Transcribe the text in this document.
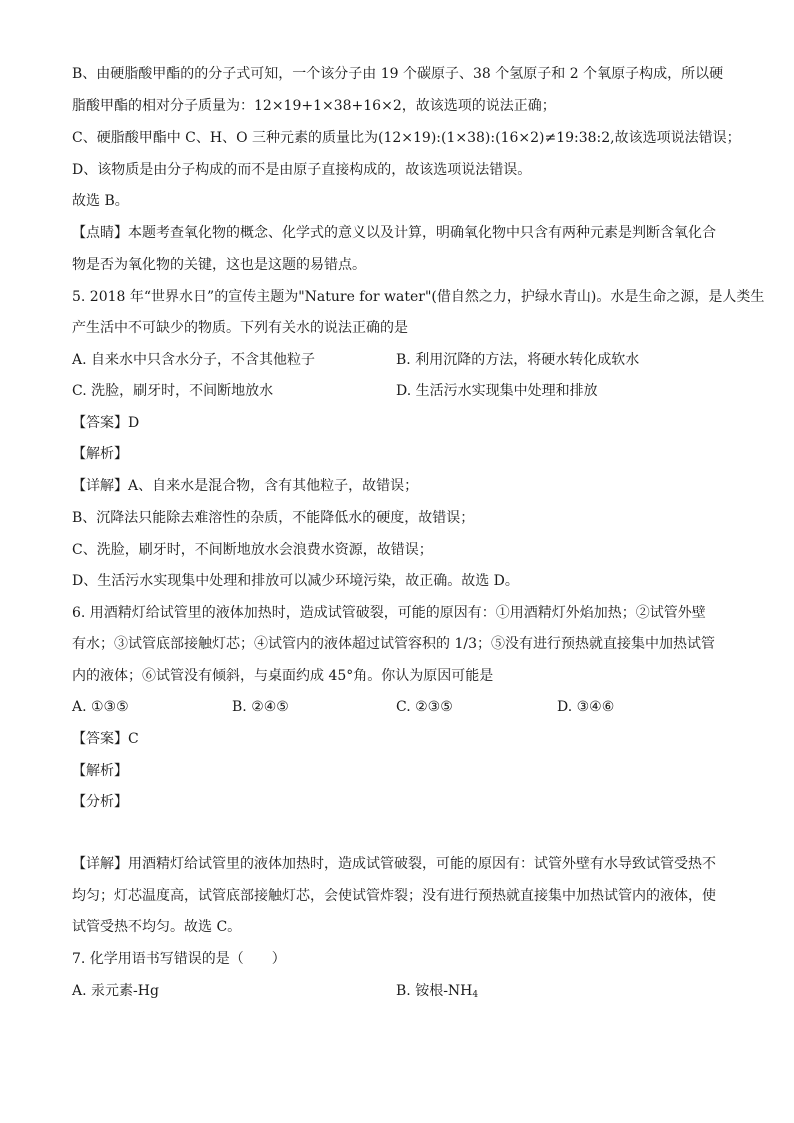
B、由硬脂酸甲酯的的分子式可知，一个该分子由 19 个碳原子、38 个氢原子和 2 个氧原子构成，所以硬
脂酸甲酯的相对分子质量为：12×19+1×38+16×2，故该选项的说法正确；
C、硬脂酸甲酯中 C、H、O 三种元素的质量比为(12×19):(1×38):(16×2)≠19:38:2,故该选项说法错误；
D、该物质是由分子构成的而不是由原子直接构成的，故该选项说法错误。
故选 B。
【点睛】本题考查氧化物的概念、化学式的意义以及计算，明确氧化物中只含有两种元素是判断含氧化合
物是否为氧化物的关键，这也是这题的易错点。
5. 2018 年“世界水日”的宣传主题为"Nature for water"(借自然之力，护绿水青山)。水是生命之源，是人类生
产生活中不可缺少的物质。下列有关水的说法正确的是
A. 自来水中只含水分子，不含其他粒子	B. 利用沉降的方法，将硬水转化成软水
C. 洗脸，刷牙时，不间断地放水	D. 生活污水实现集中处理和排放
【答案】D
【解析】
【详解】A、自来水是混合物，含有其他粒子，故错误；
B、沉降法只能除去难溶性的杂质，不能降低水的硬度，故错误；
C、洗脸，刷牙时，不间断地放水会浪费水资源，故错误；
D、生活污水实现集中处理和排放可以减少环境污染，故正确。故选 D。
6. 用酒精灯给试管里的液体加热时，造成试管破裂，可能的原因有：①用酒精灯外焰加热；②试管外壁
有水；③试管底部接触灯芯；④试管内的液体超过试管容积的 1/3；⑤没有进行预热就直接集中加热试管
内的液体；⑥试管没有倾斜，与桌面约成 45°角。你认为原因可能是
A. ①③⑤	B. ②④⑤	C. ②③⑤	D. ③④⑥
【答案】C
【解析】
【分析】
【详解】用酒精灯给试管里的液体加热时，造成试管破裂，可能的原因有：试管外壁有水导致试管受热不
均匀；灯芯温度高，试管底部接触灯芯，会使试管炸裂；没有进行预热就直接集中加热试管内的液体，使
试管受热不均匀。故选 C。
7. 化学用语书写错误的是（　　）
A. 汞元素-Hg	B. 铵根$-NH_4$
